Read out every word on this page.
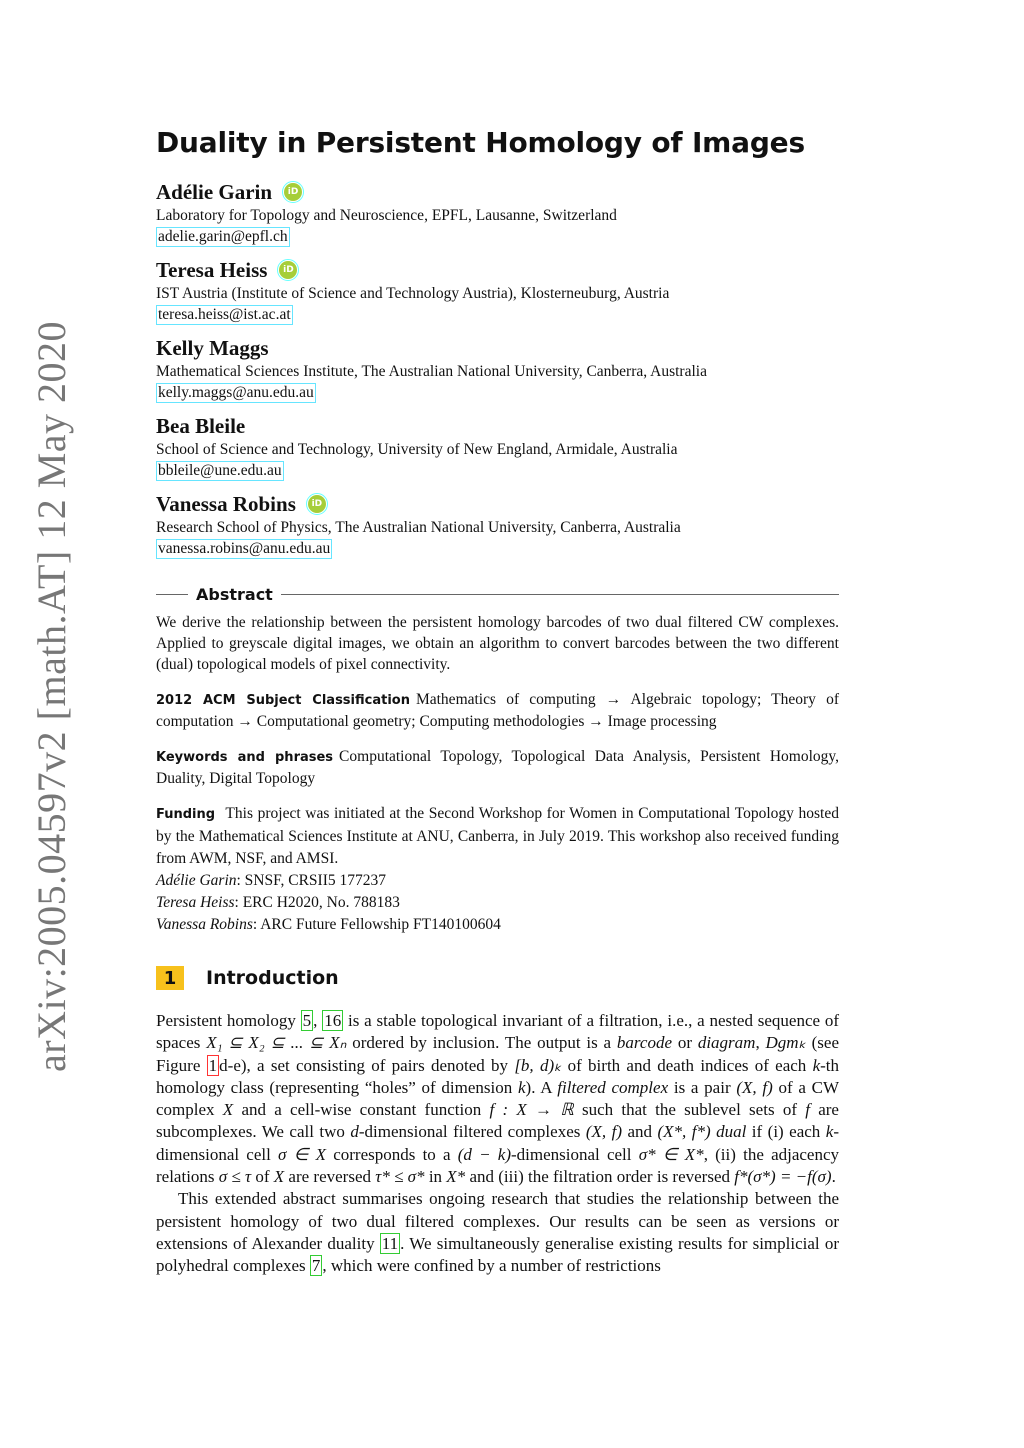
arXiv:2005.04597v2 [math.AT] 12 May 2020
Duality in Persistent Homology of Images
Adélie Garin	iD
Laboratory for Topology and Neuroscience, EPFL, Lausanne, Switzerland
adelie.garin@epfl.ch
Teresa Heiss	iD
IST Austria (Institute of Science and Technology Austria), Klosterneuburg, Austria
teresa.heiss@ist.ac.at
Kelly Maggs
Mathematical Sciences Institute, The Australian National University, Canberra, Australia
kelly.maggs@anu.edu.au
Bea Bleile
School of Science and Technology, University of New England, Armidale, Australia
bbleile@une.edu.au
Vanessa Robins	iD
Research School of Physics, The Australian National University, Canberra, Australia
vanessa.robins@anu.edu.au
Abstract
We derive the relationship between the persistent homology barcodes of two dual filtered CW complexes. Applied to greyscale digital images, we obtain an algorithm to convert barcodes between the two different (dual) topological models of pixel connectivity.
2012 ACM Subject Classification Mathematics of computing → Algebraic topology; Theory of computation → Computational geometry; Computing methodologies → Image processing
Keywords and phrases Computational Topology, Topological Data Analysis, Persistent Homology, Duality, Digital Topology
Funding This project was initiated at the Second Workshop for Women in Computational Topology hosted by the Mathematical Sciences Institute at ANU, Canberra, in July 2019. This workshop also received funding from AWM, NSF, and AMSI.
Adélie Garin: SNSF, CRSII5 177237
Teresa Heiss: ERC H2020, No. 788183
Vanessa Robins: ARC Future Fellowship FT140100604
1	Introduction

Persistent homology 5 , 16 is a stable topological invariant of a filtration, i.e., a nested sequence of spaces X₁ ⊆ X₂ ⊆ ... ⊆ Xₙ ordered by inclusion. The output is a barcode or diagram, Dgmₖ (see Figure 1 d-e), a set consisting of pairs denoted by [b, d)ₖ of birth and death indices of each k-th homology class (representing “holes” of dimension k). A filtered complex is a pair (X, f) of a CW complex X and a cell-wise constant function f : X → ℝ such that the sublevel sets of f are subcomplexes. We call two d-dimensional filtered complexes (X, f) and (X*, f*) dual if (i) each k-dimensional cell σ ∈ X corresponds to a (d − k)-dimensional cell σ* ∈ X*, (ii) the adjacency relations σ ≤ τ of X are reversed τ* ≤ σ* in X* and (iii) the filtration order is reversed f*(σ*) = −f(σ).

This extended abstract summarises ongoing research that studies the relationship between the persistent homology of two dual filtered complexes. Our results can be seen as versions or extensions of Alexander duality 11 . We simultaneously generalise existing results for simplicial or polyhedral complexes 7 , which were confined by a number of restrictions
